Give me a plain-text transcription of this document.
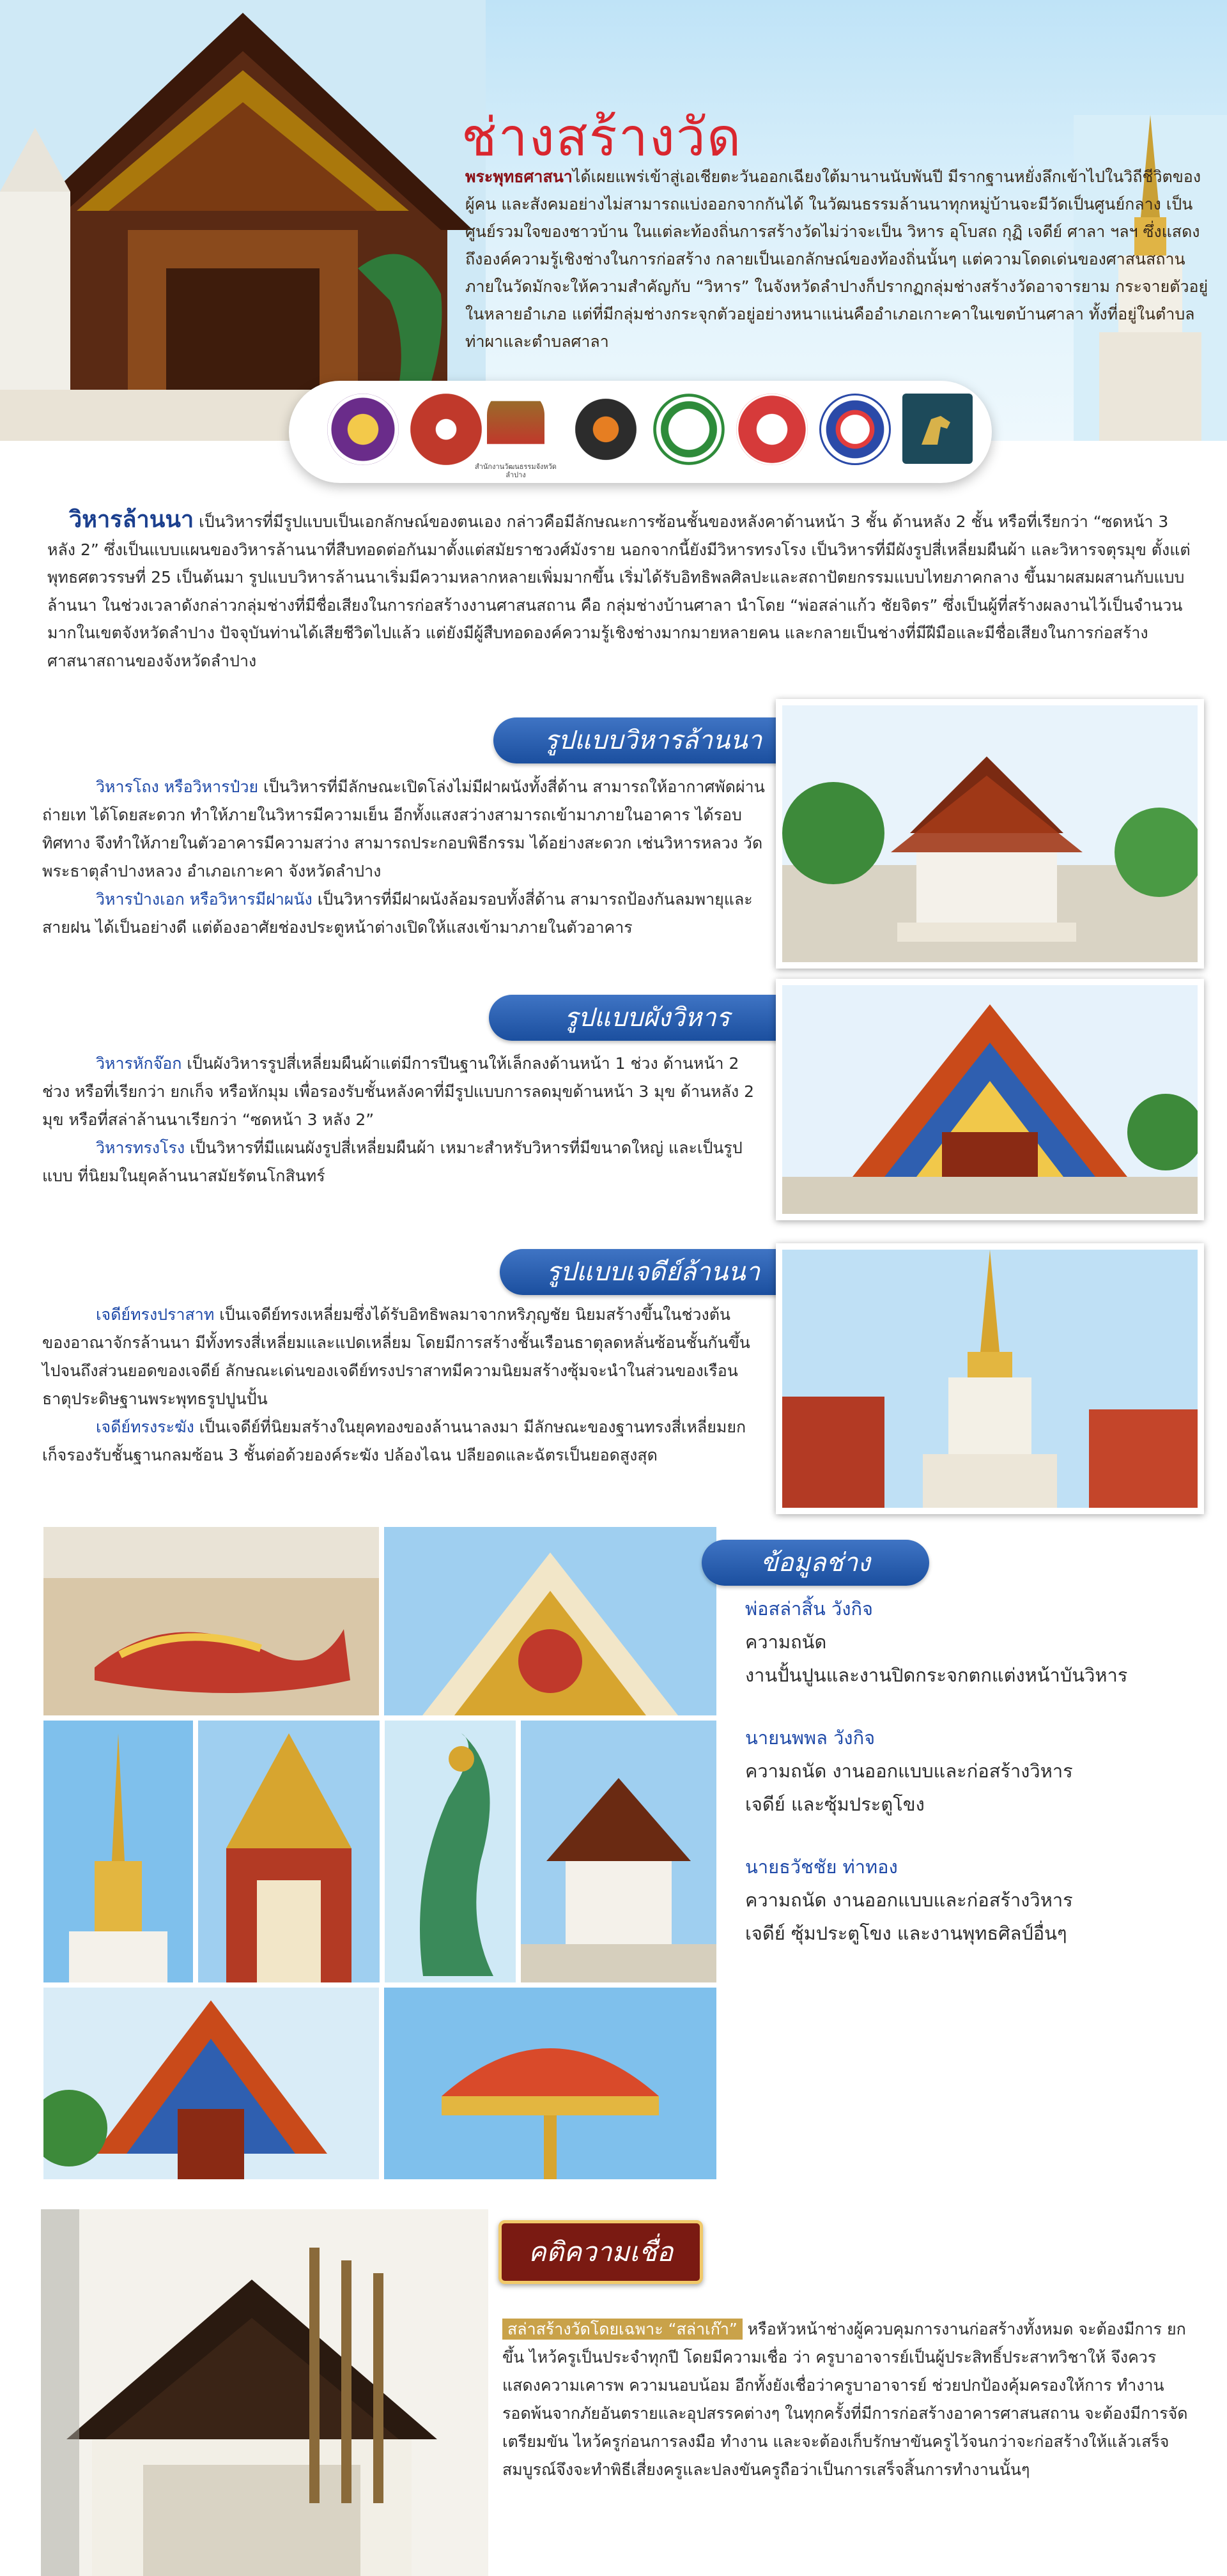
ช่างสร้างวัด
พระพุทธศาสนาได้เผยแพร่เข้าสู่เอเชียตะวันออกเฉียงใต้มานานนับพันปี มีรากฐานหยั่งลึกเข้าไปในวิถีชีวิตของผู้คน และสังคมอย่างไม่สามารถแบ่งออกจากกันได้ ในวัฒนธรรมล้านนาทุกหมู่บ้านจะมีวัดเป็นศูนย์กลาง เป็นศูนย์รวมใจของชาวบ้าน ในแต่ละท้องถิ่นการสร้างวัดไม่ว่าจะเป็น วิหาร อุโบสถ กุฏิ เจดีย์ ศาลา ฯลฯ ซึ่งแสดงถึงองค์ความรู้เชิงช่างในการก่อสร้าง กลายเป็นเอกลักษณ์ของท้องถิ่นนั้นๆ แต่ความโดดเด่นของศาสนสถาน ภายในวัดมักจะให้ความสำคัญกับ “วิหาร” ในจังหวัดลำปางก็ปรากฏกลุ่มช่างสร้างวัดอาจารยาม กระจายตัวอยู่ในหลายอำเภอ แต่ที่มีกลุ่มช่างกระจุกตัวอยู่อย่างหนาแน่นคืออำเภอเกาะคาในเขตบ้านศาลา ทั้งที่อยู่ในตำบลท่าผาและตำบลศาลา
สำนักงานวัฒนธรรมจังหวัดลำปาง
วิหารล้านนา เป็นวิหารที่มีรูปแบบเป็นเอกลักษณ์ของตนเอง กล่าวคือมีลักษณะการซ้อนชั้นของหลังคาด้านหน้า 3 ชั้น ด้านหลัง 2 ชั้น หรือที่เรียกว่า “ซดหน้า 3 หลัง 2” ซึ่งเป็นแบบแผนของวิหารล้านนาที่สืบทอดต่อกันมาตั้งแต่สมัยราชวงศ์มังราย นอกจากนี้ยังมีวิหารทรงโรง เป็นวิหารที่มีผังรูปสี่เหลี่ยมผืนผ้า และวิหารจตุรมุข ตั้งแต่พุทธศตวรรษที่ 25 เป็นต้นมา รูปแบบวิหารล้านนาเริ่มมีความหลากหลายเพิ่มมากขึ้น เริ่มได้รับอิทธิพลศิลปะและสถาปัตยกรรมแบบไทยภาคกลาง ขึ้นมาผสมผสานกับแบบล้านนา ในช่วงเวลาดังกล่าวกลุ่มช่างที่มีชื่อเสียงในการก่อสร้างงานศาสนสถาน คือ กลุ่มช่างบ้านศาลา นำโดย “พ่อสล่าแก้ว ชัยจิตร” ซึ่งเป็นผู้ที่สร้างผลงานไว้เป็นจำนวนมากในเขตจังหวัดลำปาง ปัจจุบันท่านได้เสียชีวิตไปแล้ว แต่ยังมีผู้สืบทอดองค์ความรู้เชิงช่างมากมายหลายคน และกลายเป็นช่างที่มีฝีมือและมีชื่อเสียงในการก่อสร้างศาสนาสถานของจังหวัดลำปาง
รูปแบบวิหารล้านนา

วิหารโถง หรือวิหารป๋วย เป็นวิหารที่มีลักษณะเปิดโล่งไม่มีฝาผนังทั้งสี่ด้าน สามารถให้อากาศพัดผ่านถ่ายเท ได้โดยสะดวก ทำให้ภายในวิหารมีความเย็น อีกทั้งแสงสว่างสามารถเข้ามาภายในอาคาร ได้รอบทิศทาง จึงทำให้ภายในตัวอาคารมีความสว่าง สามารถประกอบพิธีกรรม ได้อย่างสะดวก เช่นวิหารหลวง วัดพระธาตุลำปางหลวง อำเภอเกาะคา จังหวัดลำปาง

วิหารป๋างเอก หรือวิหารมีฝาผนัง เป็นวิหารที่มีฝาผนังล้อมรอบทั้งสี่ด้าน สามารถป้องกันลมพายุและสายฝน ได้เป็นอย่างดี แต่ต้องอาศัยช่องประตูหน้าต่างเปิดให้แสงเข้ามาภายในตัวอาคาร

รูปแบบผังวิหาร

วิหารหักจ๊อก เป็นผังวิหารรูปสี่เหลี่ยมผืนผ้าแต่มีการปีนฐานให้เล็กลงด้านหน้า 1 ช่วง ด้านหน้า 2 ช่วง หรือที่เรียกว่า ยกเก็จ หรือหักมุม เพื่อรองรับชั้นหลังคาที่มีรูปแบบการลดมุขด้านหน้า 3 มุข ด้านหลัง 2 มุข หรือที่สล่าล้านนาเรียกว่า “ซดหน้า 3 หลัง 2”

วิหารทรงโรง เป็นวิหารที่มีแผนผังรูปสี่เหลี่ยมผืนผ้า เหมาะสำหรับวิหารที่มีขนาดใหญ่ และเป็นรูปแบบ ที่นิยมในยุคล้านนาสมัยรัตนโกสินทร์

รูปแบบเจดีย์ล้านนา

เจดีย์ทรงปราสาท เป็นเจดีย์ทรงเหลี่ยมซึ่งได้รับอิทธิพลมาจากหริภุญชัย นิยมสร้างขึ้นในช่วงต้นของอาณาจักรล้านนา มีทั้งทรงสี่เหลี่ยมและแปดเหลี่ยม โดยมีการสร้างชั้นเรือนธาตุลดหลั่นซ้อนชั้นกันขึ้นไปจนถึงส่วนยอดของเจดีย์ ลักษณะเด่นของเจดีย์ทรงปราสาทมีความนิยมสร้างซุ้มจะนำในส่วนของเรือนธาตุประดิษฐานพระพุทธรูปปูนปั้น

เจดีย์ทรงระฆัง เป็นเจดีย์ที่นิยมสร้างในยุคทองของล้านนาลงมา มีลักษณะของฐานทรงสี่เหลี่ยมยกเก็จรองรับชั้นฐานกลมซ้อน 3 ชั้นต่อด้วยองค์ระฆัง ปล้องไฉน ปลียอดและฉัตรเป็นยอดสูงสุด

ข้อมูลช่าง
พ่อสล่าสิ้น วังกิจ
ความถนัด
งานปั้นปูนและงานปิดกระจกตกแต่งหน้าบันวิหาร
นายนพพล วังกิจ
ความถนัด งานออกแบบและก่อสร้างวิหาร
เจดีย์ และซุ้มประตูโขง
นายธวัชชัย ท่าทอง
ความถนัด งานออกแบบและก่อสร้างวิหาร
เจดีย์ ซุ้มประตูโขง และงานพุทธศิลป์อื่นๆ
คติความเชื่อ
สล่าสร้างวัดโดยเฉพาะ “สล่าเก๊า” หรือหัวหน้าช่างผู้ควบคุมการงานก่อสร้างทั้งหมด จะต้องมีการ ยกขึ้น ไหว้ครูเป็นประจำทุกปี โดยมีความเชื่อ ว่า ครูบาอาจารย์เป็นผู้ประสิทธิ์ประสาทวิชาให้ จึงควรแสดงความเคารพ ความนอบน้อม อีกทั้งยังเชื่อว่าครูบาอาจารย์ ช่วยปกป้องคุ้มครองให้การ ทำงานรอดพ้นจากภัยอันตรายและอุปสรรคต่างๆ ในทุกครั้งที่มีการก่อสร้างอาคารศาสนสถาน จะต้องมีการจัดเตรียมขัน ไหว้ครูก่อนการลงมือ ทำงาน และจะต้องเก็บรักษาขันครูไว้จนกว่าจะก่อสร้างให้แล้วเสร็จสมบูรณ์จึงจะทำพิธีเสี่ยงครูและปลงขันครูถือว่าเป็นการเสร็จสิ้นการทำงานนั้นๆ
